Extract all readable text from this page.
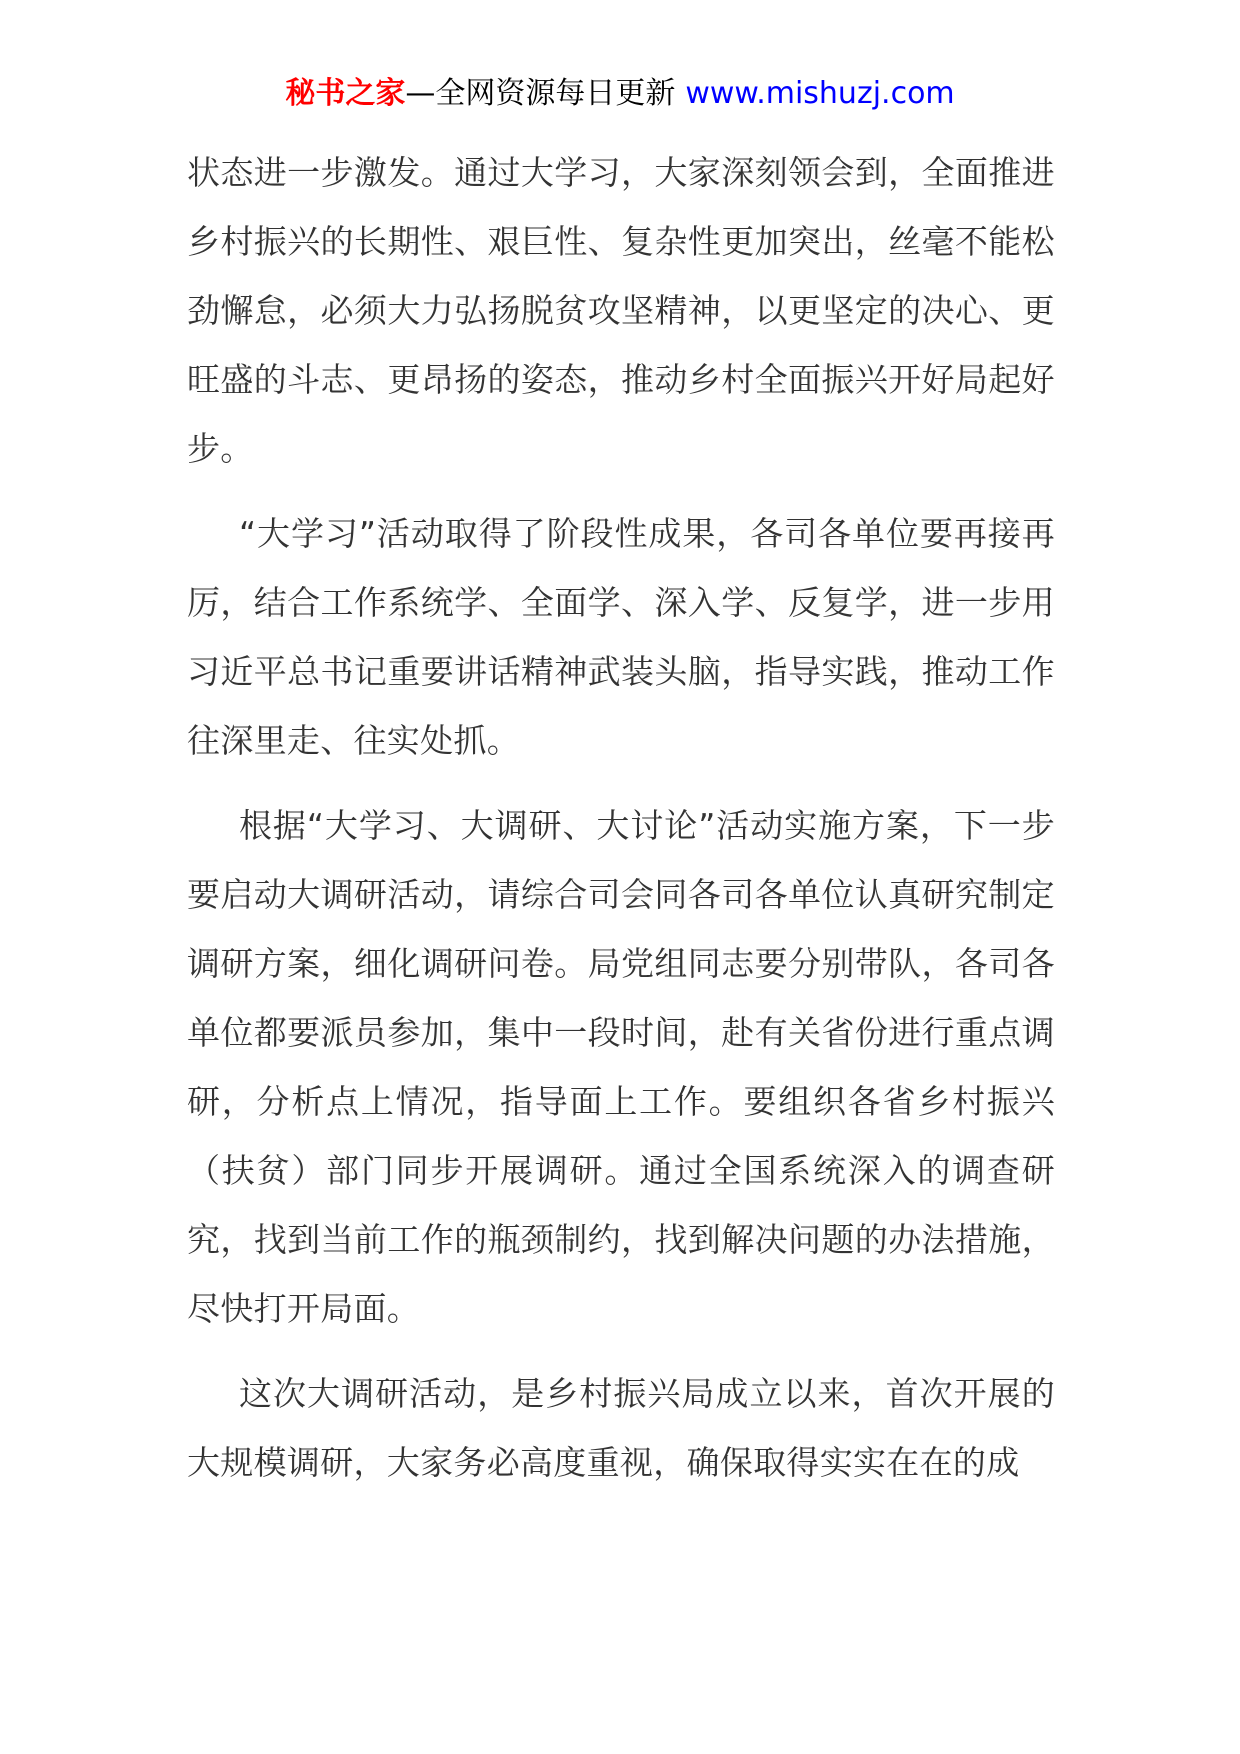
秘书之家—全网资源每日更新 www.mishuzj.com

状态进一步激发。通过大学习，大家深刻领会到，全面推进乡村振兴的长期性、艰巨性、复杂性更加突出，丝毫不能松劲懈怠，必须大力弘扬脱贫攻坚精神，以更坚定的决心、更旺盛的斗志、更昂扬的姿态，推动乡村全面振兴开好局起好步。

“大学习”活动取得了阶段性成果，各司各单位要再接再厉，结合工作系统学、全面学、深入学、反复学，进一步用习近平总书记重要讲话精神武装头脑，指导实践，推动工作往深里走、往实处抓。

根据“大学习、大调研、大讨论”活动实施方案，下一步要启动大调研活动，请综合司会同各司各单位认真研究制定调研方案，细化调研问卷。局党组同志要分别带队，各司各单位都要派员参加，集中一段时间，赴有关省份进行重点调研，分析点上情况，指导面上工作。要组织各省乡村振兴（扶贫）部门同步开展调研。通过全国系统深入的调查研究，找到当前工作的瓶颈制约，找到解决问题的办法措施，尽快打开局面。

这次大调研活动，是乡村振兴局成立以来，首次开展的大规模调研，大家务必高度重视，确保取得实实在在的成
